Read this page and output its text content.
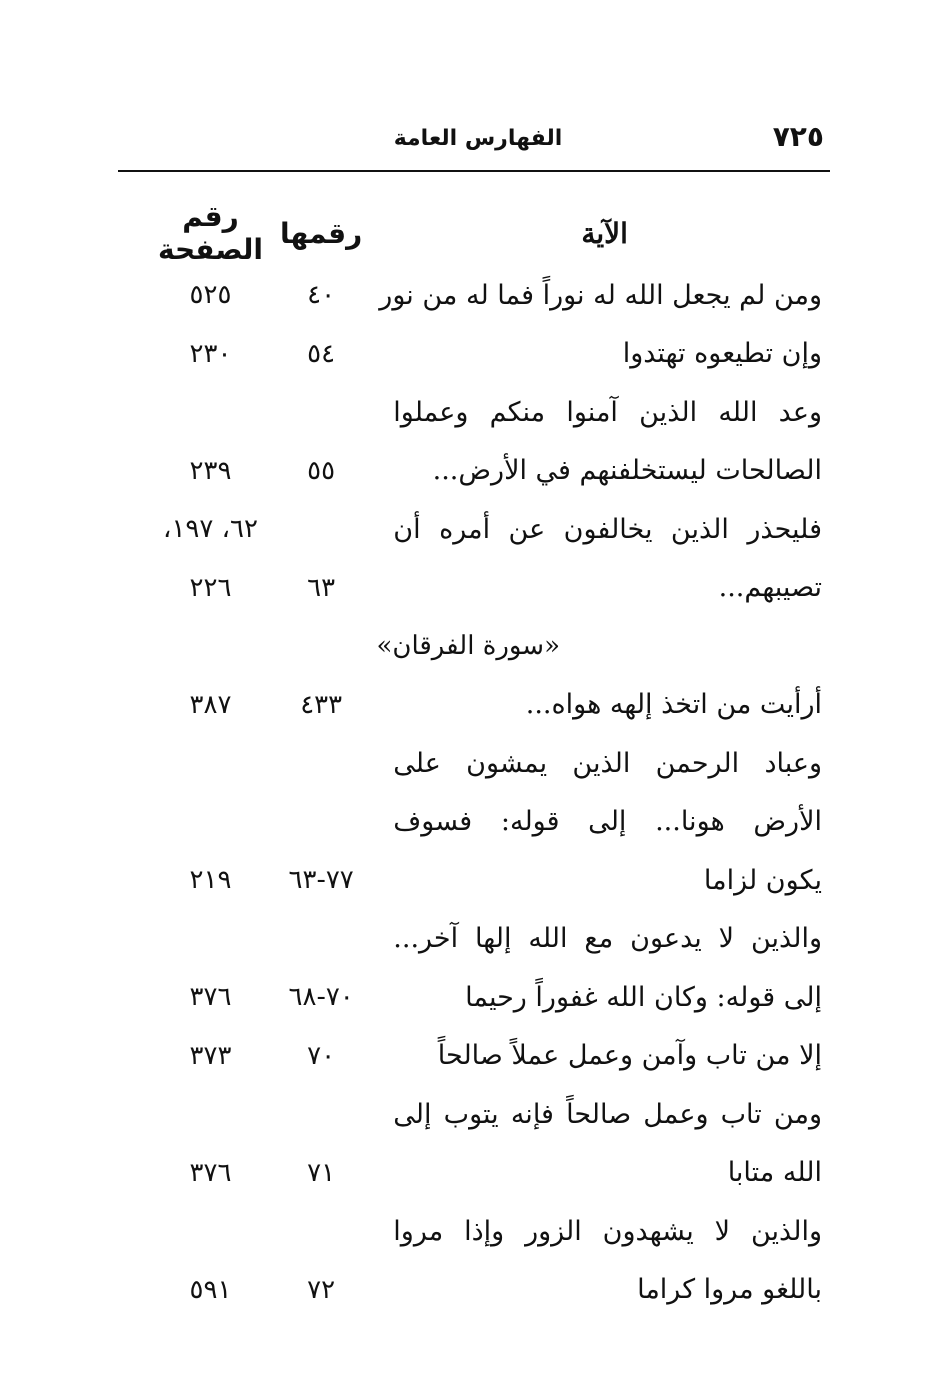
٧٢٥
الفهارس العامة
الآية	رقمها	رقم الصفحة
ومن لم يجعل الله له نوراً فما له من نور	٤٠	٥٢٥
وإن تطيعوه تهتدوا	٥٤	٢٣٠
وعد الله الذين آمنوا منكم وعملوا		
الصالحات ليستخلفنهم في الأرض...	٥٥	٢٣٩
فليحذر الذين يخالفون عن أمره أن		٦٢، ١٩٧،
تصيبهم...	٦٣	٢٢٦
«سورة الفرقان»		
أرأيت من اتخذ إلهه هواه...	٤٣٣	٣٨٧
وعباد الرحمن الذين يمشون على		
الأرض هونا... إلى قوله: فسوف		
يكون لزاما	٧٧-٦٣	٢١٩
والذين لا يدعون مع الله إلها آخر...		
إلى قوله: وكان الله غفوراً رحيما	٧٠-٦٨	٣٧٦
إلا من تاب وآمن وعمل عملاً صالحاً	٧٠	٣٧٣
ومن تاب وعمل صالحاً فإنه يتوب إلى		
الله متابا	٧١	٣٧٦
والذين لا يشهدون الزور وإذا مروا		
باللغو مروا كراما	٧٢	٥٩١
